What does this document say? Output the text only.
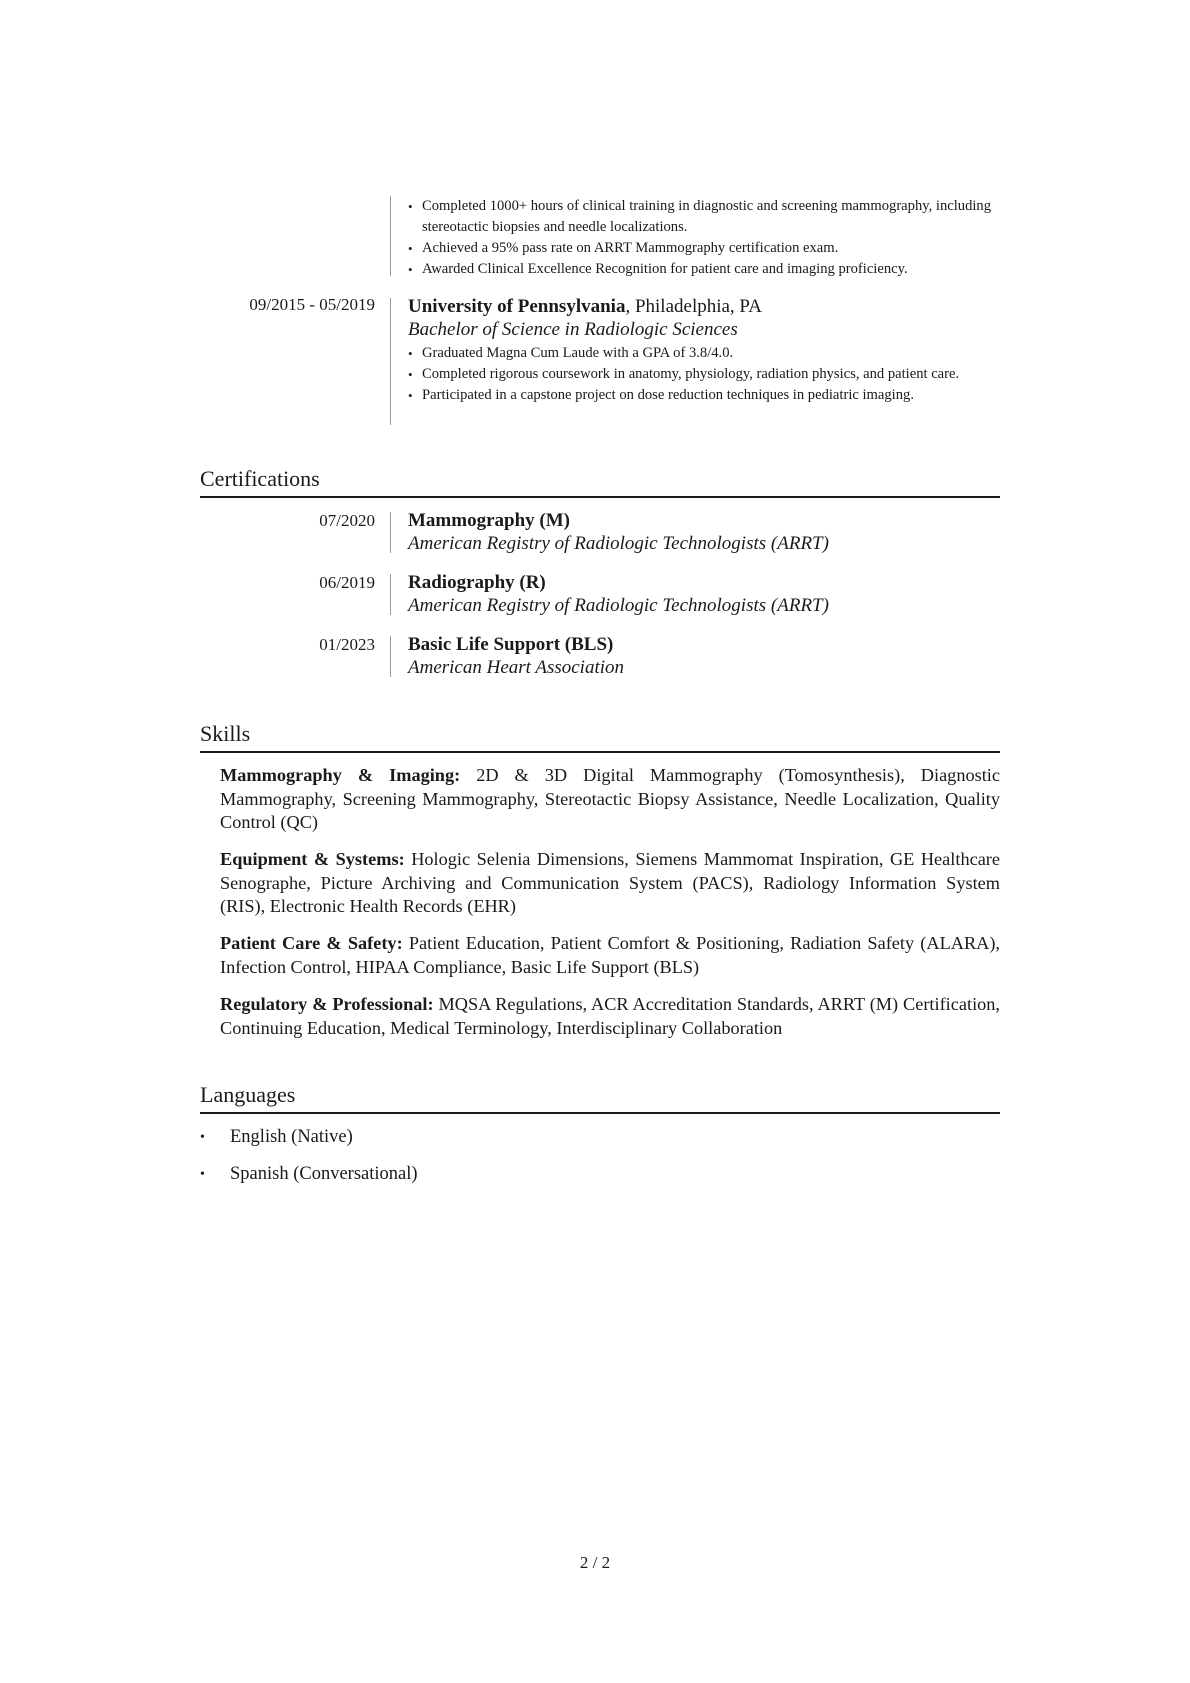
• Completed 1000+ hours of clinical training in diagnostic and screening mammography, including stereotactic biopsies and needle localizations.
• Achieved a 95% pass rate on ARRT Mammography certification exam.
• Awarded Clinical Excellence Recognition for patient care and imaging proficiency.
09/2015 - 05/2019 University of Pennsylvania, Philadelphia, PA
Bachelor of Science in Radiologic Sciences
• Graduated Magna Cum Laude with a GPA of 3.8/4.0.
• Completed rigorous coursework in anatomy, physiology, radiation physics, and patient care.
• Participated in a capstone project on dose reduction techniques in pediatric imaging.
Certifications
07/2020 Mammography (M)
American Registry of Radiologic Technologists (ARRT)
06/2019 Radiography (R)
American Registry of Radiologic Technologists (ARRT)
01/2023 Basic Life Support (BLS)
American Heart Association
Skills
Mammography & Imaging: 2D & 3D Digital Mammography (Tomosynthesis), Diagnostic Mammography, Screening Mammography, Stereotactic Biopsy Assistance, Needle Localization, Quality Control (QC)
Equipment & Systems: Hologic Selenia Dimensions, Siemens Mammomat Inspiration, GE Healthcare Senographe, Picture Archiving and Communication System (PACS), Radiology Information System (RIS), Electronic Health Records (EHR)
Patient Care & Safety: Patient Education, Patient Comfort & Positioning, Radiation Safety (ALARA), Infection Control, HIPAA Compliance, Basic Life Support (BLS)
Regulatory & Professional: MQSA Regulations, ACR Accreditation Standards, ARRT (M) Certification, Continuing Education, Medical Terminology, Interdisciplinary Collaboration
Languages
• English (Native)
• Spanish (Conversational)
2 / 2
